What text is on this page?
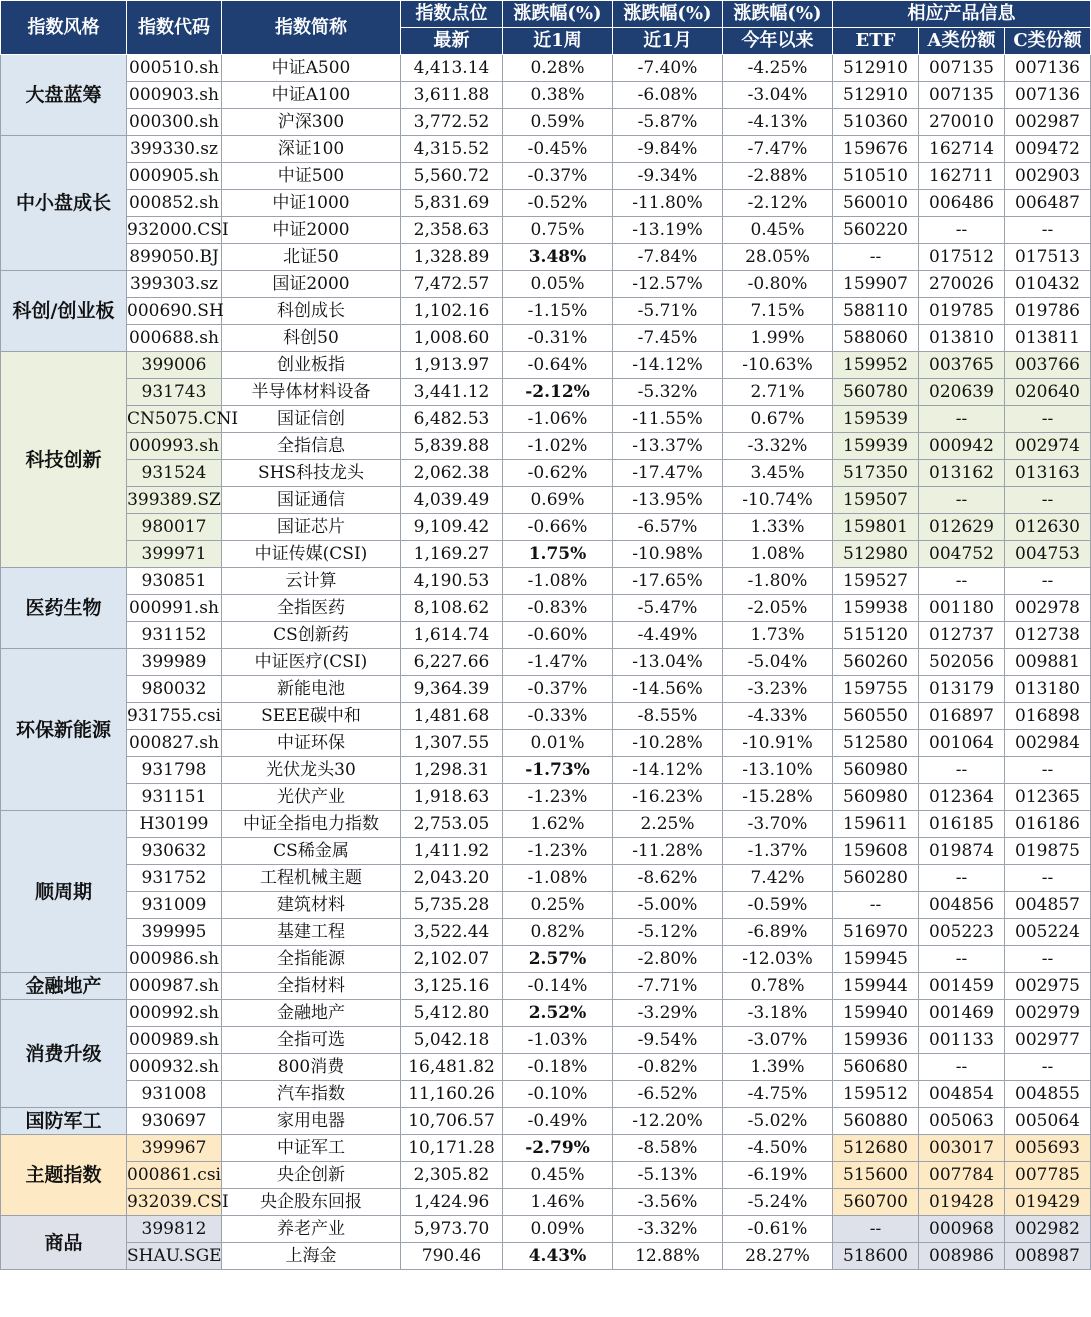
指数风格	指数代码	指数简称	指数点位	涨跌幅(%)	涨跌幅(%)	涨跌幅(%)	相应产品信息		
			最新	近1周	近1月	今年以来	ETF	A类份额	C类份额
大盘蓝筹	000510.sh	中证A500	4,413.14	0.28%	-7.40%	-4.25%	512910	007135	007136
	000903.sh	中证A100	3,611.88	0.38%	-6.08%	-3.04%	512910	007135	007136
	000300.sh	沪深300	3,772.52	0.59%	-5.87%	-4.13%	510360	270010	002987
中小盘成长	399330.sz	深证100	4,315.52	-0.45%	-9.84%	-7.47%	159676	162714	009472
	000905.sh	中证500	5,560.72	-0.37%	-9.34%	-2.88%	510510	162711	002903
	000852.sh	中证1000	5,831.69	-0.52%	-11.80%	-2.12%	560010	006486	006487
	932000.CSI	中证2000	2,358.63	0.75%	-13.19%	0.45%	560220	--	--
	899050.BJ	北证50	1,328.89	3.48%	-7.84%	28.05%	--	017512	017513
科创/创业板	399303.sz	国证2000	7,472.57	0.05%	-12.57%	-0.80%	159907	270026	010432
	000690.SH	科创成长	1,102.16	-1.15%	-5.71%	7.15%	588110	019785	019786
	000688.sh	科创50	1,008.60	-0.31%	-7.45%	1.99%	588060	013810	013811
科技创新	399006	创业板指	1,913.97	-0.64%	-14.12%	-10.63%	159952	003765	003766
	931743	半导体材料设备	3,441.12	-2.12%	-5.32%	2.71%	560780	020639	020640
	CN5075.CNI	国证信创	6,482.53	-1.06%	-11.55%	0.67%	159539	--	--
	000993.sh	全指信息	5,839.88	-1.02%	-13.37%	-3.32%	159939	000942	002974
	931524	SHS科技龙头	2,062.38	-0.62%	-17.47%	3.45%	517350	013162	013163
	399389.SZ	国证通信	4,039.49	0.69%	-13.95%	-10.74%	159507	--	--
	980017	国证芯片	9,109.42	-0.66%	-6.57%	1.33%	159801	012629	012630
	399971	中证传媒(CSI)	1,169.27	1.75%	-10.98%	1.08%	512980	004752	004753
医药生物	930851	云计算	4,190.53	-1.08%	-17.65%	-1.80%	159527	--	--
	000991.sh	全指医药	8,108.62	-0.83%	-5.47%	-2.05%	159938	001180	002978
	931152	CS创新药	1,614.74	-0.60%	-4.49%	1.73%	515120	012737	012738
环保新能源	399989	中证医疗(CSI)	6,227.66	-1.47%	-13.04%	-5.04%	560260	502056	009881
	980032	新能电池	9,364.39	-0.37%	-14.56%	-3.23%	159755	013179	013180
	931755.csi	SEEE碳中和	1,481.68	-0.33%	-8.55%	-4.33%	560550	016897	016898
	000827.sh	中证环保	1,307.55	0.01%	-10.28%	-10.91%	512580	001064	002984
	931798	光伏龙头30	1,298.31	-1.73%	-14.12%	-13.10%	560980	--	--
	931151	光伏产业	1,918.63	-1.23%	-16.23%	-15.28%	560980	012364	012365
顺周期	H30199	中证全指电力指数	2,753.05	1.62%	2.25%	-3.70%	159611	016185	016186
	930632	CS稀金属	1,411.92	-1.23%	-11.28%	-1.37%	159608	019874	019875
	931752	工程机械主题	2,043.20	-1.08%	-8.62%	7.42%	560280	--	--
	931009	建筑材料	5,735.28	0.25%	-5.00%	-0.59%	--	004856	004857
	399995	基建工程	3,522.44	0.82%	-5.12%	-6.89%	516970	005223	005224
	000986.sh	全指能源	2,102.07	2.57%	-2.80%	-12.03%	159945	--	--
金融地产	000987.sh	全指材料	3,125.16	-0.14%	-7.71%	0.78%	159944	001459	002975
消费升级	000992.sh	金融地产	5,412.80	2.52%	-3.29%	-3.18%	159940	001469	002979
	000989.sh	全指可选	5,042.18	-1.03%	-9.54%	-3.07%	159936	001133	002977
	000932.sh	800消费	16,481.82	-0.18%	-0.82%	1.39%	560680	--	--
	931008	汽车指数	11,160.26	-0.10%	-6.52%	-4.75%	159512	004854	004855
国防军工	930697	家用电器	10,706.57	-0.49%	-12.20%	-5.02%	560880	005063	005064
主题指数	399967	中证军工	10,171.28	-2.79%	-8.58%	-4.50%	512680	003017	005693
	000861.csi	央企创新	2,305.82	0.45%	-5.13%	-6.19%	515600	007784	007785
	932039.CSI	央企股东回报	1,424.96	1.46%	-3.56%	-5.24%	560700	019428	019429
商品	399812	养老产业	5,973.70	0.09%	-3.32%	-0.61%	--	000968	002982
	SHAU.SGE	上海金	790.46	4.43%	12.88%	28.27%	518600	008986	008987
